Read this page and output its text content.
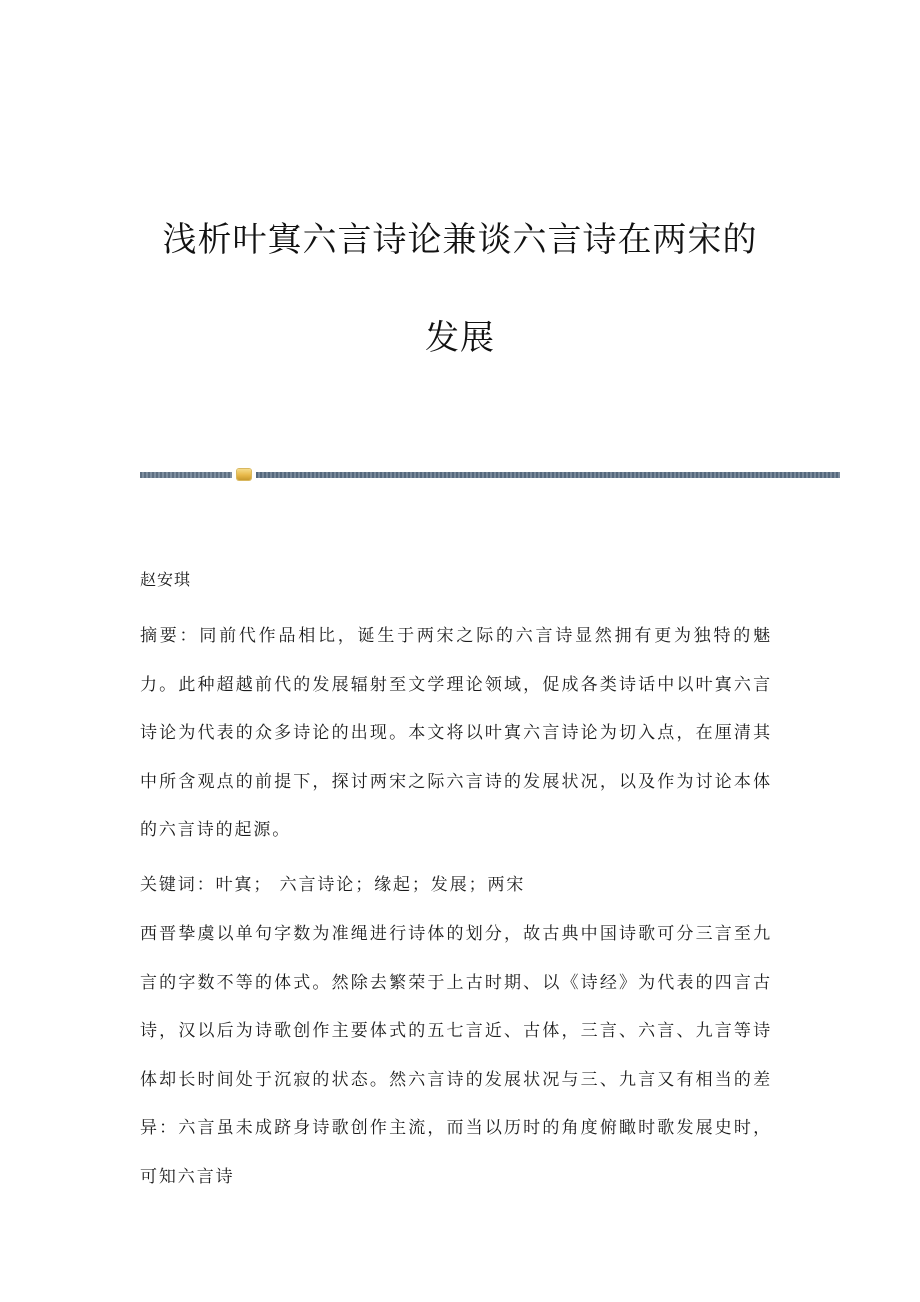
浅析叶寘六言诗论兼谈六言诗在两宋的
发展
赵安琪

摘要：同前代作品相比，诞生于两宋之际的六言诗显然拥有更为独特的魅力。此种超越前代的发展辐射至文学理论领域，促成各类诗话中以叶寘六言诗论为代表的众多诗论的出现。本文将以叶寘六言诗论为切入点，在厘清其中所含观点的前提下，探讨两宋之际六言诗的发展状况，以及作为讨论本体的六言诗的起源。

关键词：叶寘； 六言诗论；缘起；发展；两宋

西晋挚虞以单句字数为准绳进行诗体的划分，故古典中国诗歌可分三言至九言的字数不等的体式。然除去繁荣于上古时期、以《诗经》为代表的四言古诗，汉以后为诗歌创作主要体式的五七言近、古体，三言、六言、九言等诗体却长时间处于沉寂的状态。然六言诗的发展状况与三、九言又有相当的差异：六言虽未成跻身诗歌创作主流，而当以历时的角度俯瞰时歌发展史时，可知六言诗
